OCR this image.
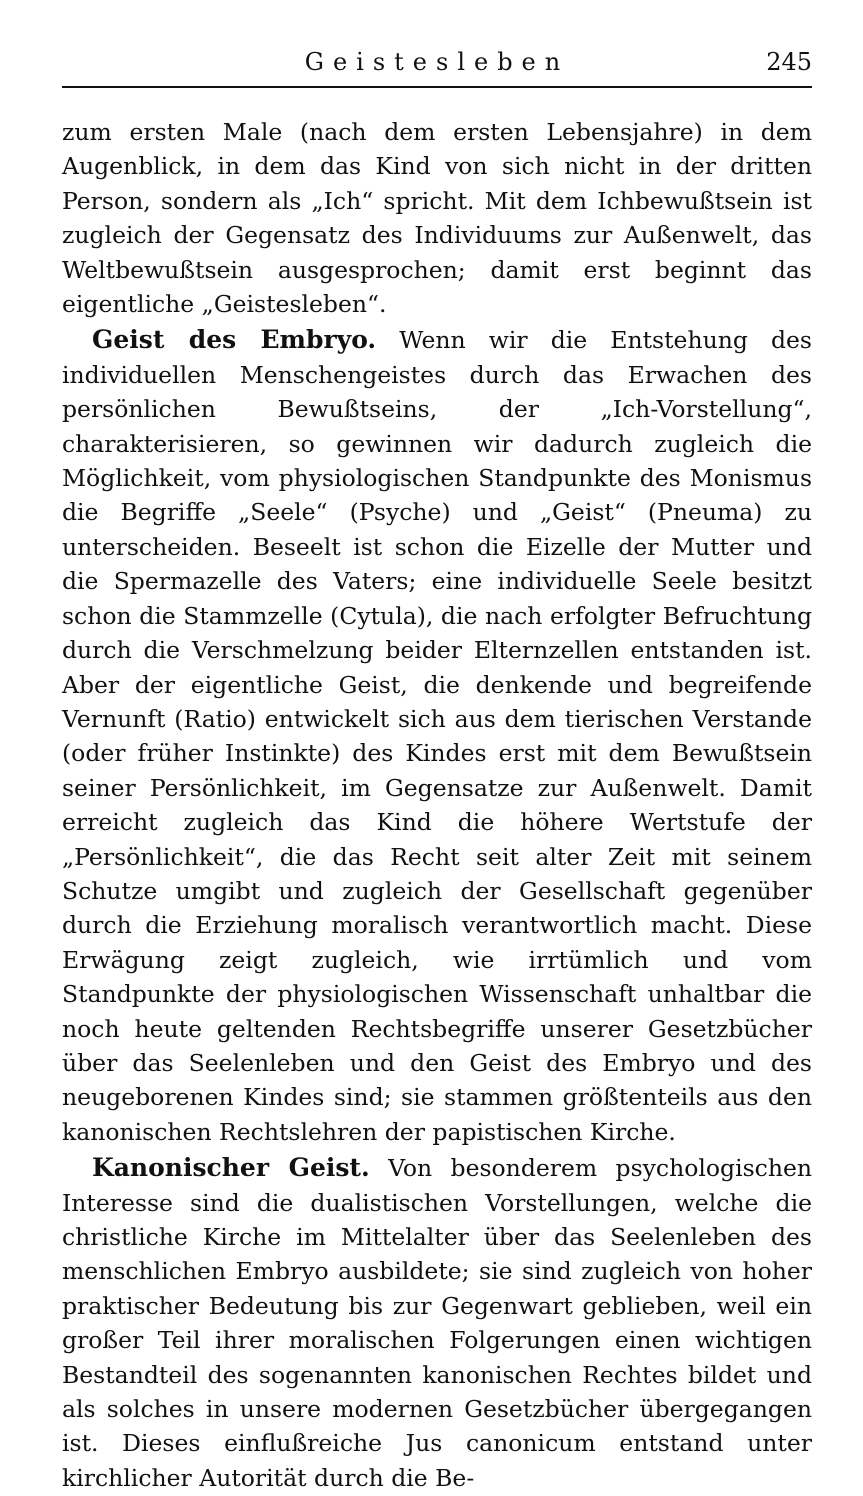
Geistesleben	245

zum ersten Male (nach dem ersten Lebensjahre) in dem Augenblick, in dem das Kind von sich nicht in der dritten Person, sondern als „Ich“ spricht. Mit dem Ichbewußtsein ist zugleich der Gegensatz des Individuums zur Außenwelt, das Weltbewußtsein ausgesprochen; damit erst beginnt das eigentliche „Geistesleben“.

Geist des Embryo. Wenn wir die Entstehung des individuellen Menschengeistes durch das Erwachen des persönlichen Bewußtseins, der „Ich-Vorstellung“, charakterisieren, so gewinnen wir dadurch zugleich die Möglichkeit, vom physiologischen Standpunkte des Monismus die Begriffe „Seele“ (Psyche) und „Geist“ (Pneuma) zu unterscheiden. Beseelt ist schon die Eizelle der Mutter und die Spermazelle des Vaters; eine individuelle Seele besitzt schon die Stammzelle (Cytula), die nach erfolgter Befruchtung durch die Verschmelzung beider Elternzellen entstanden ist. Aber der eigentliche Geist, die denkende und begreifende Vernunft (Ratio) entwickelt sich aus dem tierischen Verstande (oder früher Instinkte) des Kindes erst mit dem Bewußtsein seiner Persönlichkeit, im Gegensatze zur Außenwelt. Damit erreicht zugleich das Kind die höhere Wertstufe der „Persönlichkeit“, die das Recht seit alter Zeit mit seinem Schutze umgibt und zugleich der Gesellschaft gegenüber durch die Erziehung moralisch verantwortlich macht. Diese Erwägung zeigt zugleich, wie irrtümlich und vom Standpunkte der physiologischen Wissenschaft unhaltbar die noch heute geltenden Rechtsbegriffe unserer Gesetzbücher über das Seelenleben und den Geist des Embryo und des neugeborenen Kindes sind; sie stammen größtenteils aus den kanonischen Rechtslehren der papistischen Kirche.

Kanonischer Geist. Von besonderem psychologischen Interesse sind die dualistischen Vorstellungen, welche die christliche Kirche im Mittelalter über das Seelenleben des menschlichen Embryo ausbildete; sie sind zugleich von hoher praktischer Bedeutung bis zur Gegenwart geblieben, weil ein großer Teil ihrer moralischen Folgerungen einen wichtigen Bestandteil des sogenannten kanonischen Rechtes bildet und als solches in unsere modernen Gesetzbücher übergegangen ist. Dieses einflußreiche Jus canonicum entstand unter kirchlicher Autorität durch die Be-
